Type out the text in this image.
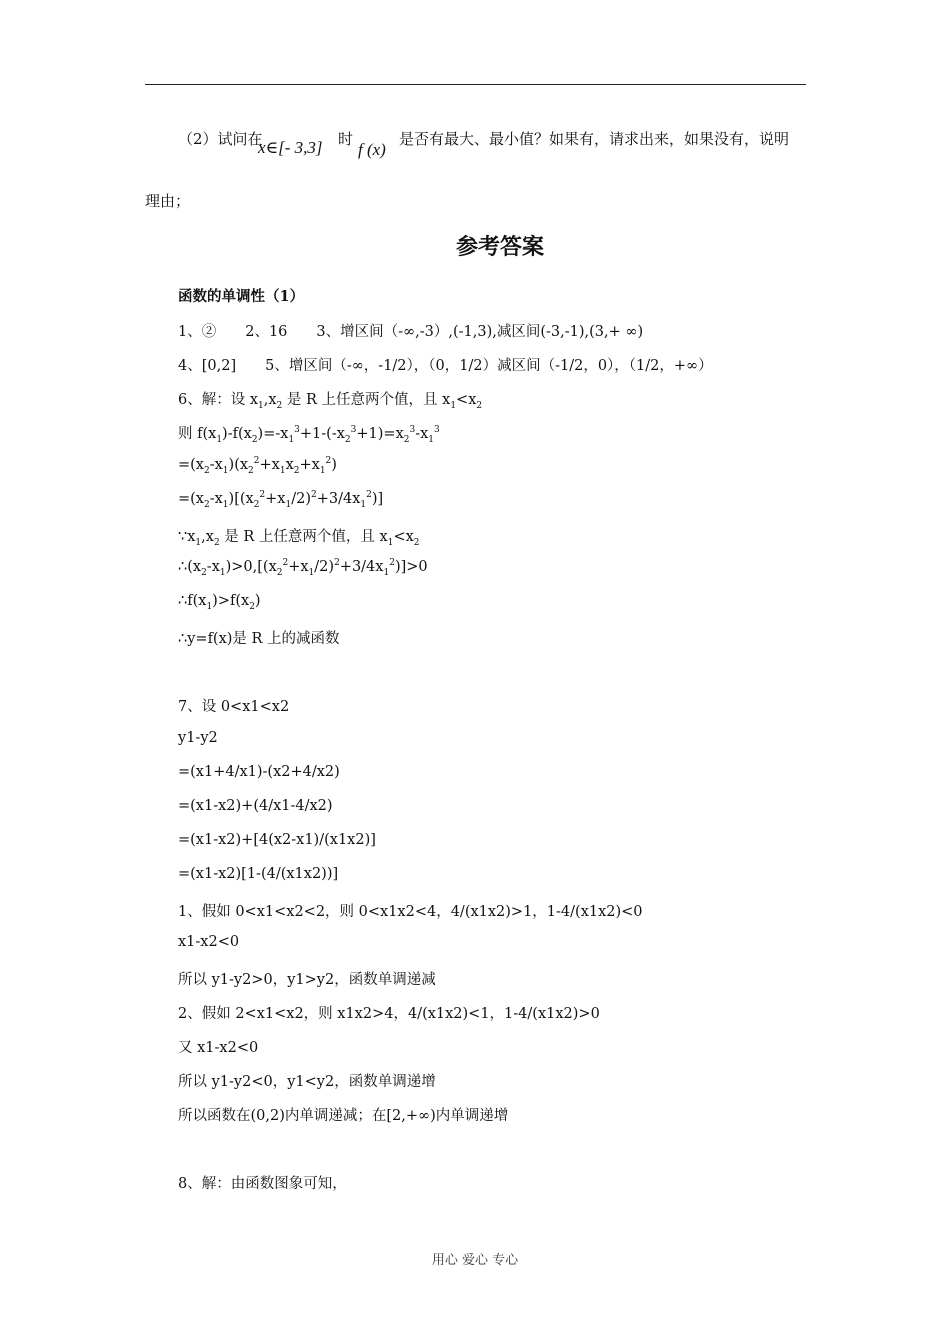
（2）试问在
x∈[- 3,3] 时
f (x)
是否有最大、最小值？如果有，请求出来，如果没有，说明
理由；
参考答案
函数的单调性（1）
1、②　　2、16　　3、增区间（-∞,-3）,(-1,3),减区间(-3,-1),(3,+ ∞)
4、[0,2]　　5、增区间（-∞，-1/2），（0，1/2）减区间（-1/2，0），（1/2，+∞）
6、解：设 $x_1,x_2$ 是 R 上任意两个值，且 $x_1<x_2$
则 $f(x_1)-f(x_2)=-x_1^3+1-(-x_2^3+1)=x_2^3-x_1^3$
$=(x_2-x_1)(x_2^2+x_1x_2+x_1^2)$
$=(x_2-x_1)[(x_2^2+x_1/2)^2+3/4x_1^2)$]
$\because x_1,x_2$ 是 R 上任意两个值，且 $x_1<x_2$
$\therefore(x_2-x_1)>0,[(x_2^2+x_1/2)^2+3/4x_1^2)]>0$
$\therefore f(x_1)>f(x_2)$
∴y=f(x)是 R 上的减函数
7、设 0<x1<x2
y1-y2
=(x1+4/x1)-(x2+4/x2)
=(x1-x2)+(4/x1-4/x2)
=(x1-x2)+[4(x2-x1)/(x1x2)]
=(x1-x2)[1-(4/(x1x2))]
1、假如 0<x1<x2<2，则 0<x1x2<4，4/(x1x2)>1，1-4/(x1x2)<0
x1-x2<0
所以 y1-y2>0，y1>y2，函数单调递减
2、假如 2<x1<x2，则 x1x2>4，4/(x1x2)<1，1-4/(x1x2)>0
又 x1-x2<0
所以 y1-y2<0，y1<y2，函数单调递增
所以函数在(0,2)内单调递减；在[2,+∞)内单调递增
8、解：由函数图象可知，
用心 爱心 专心
